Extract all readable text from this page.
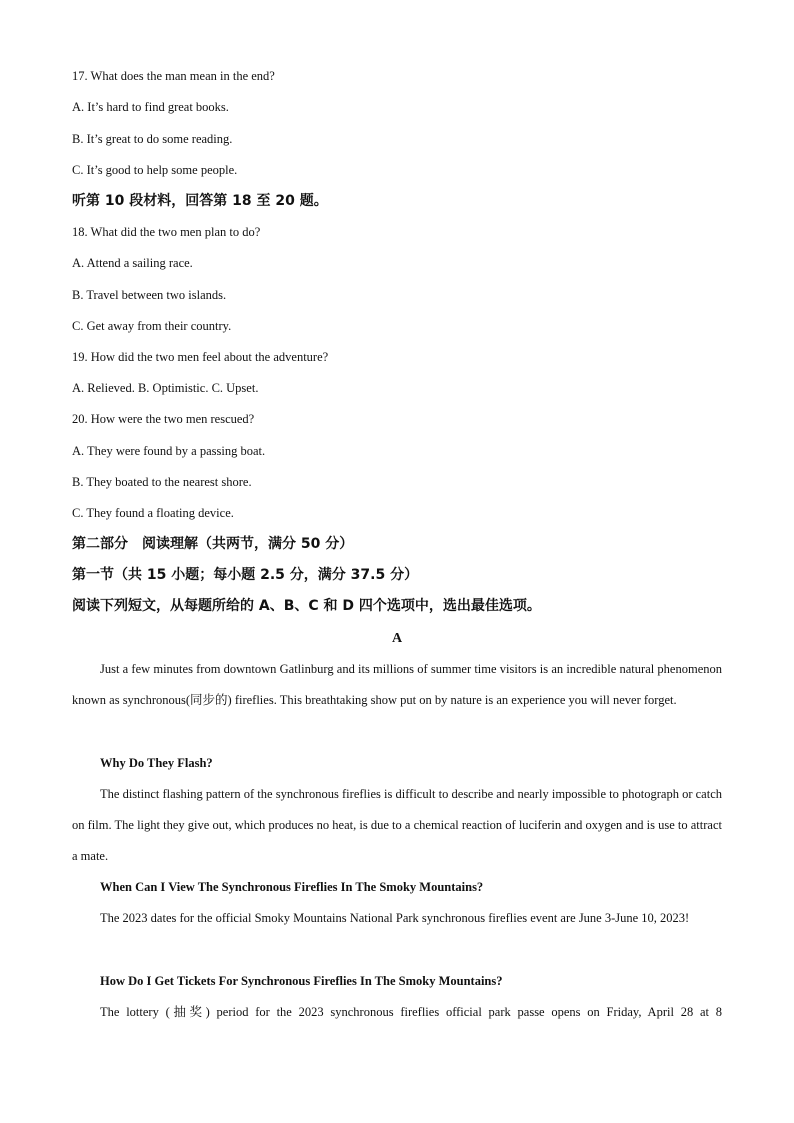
17. What does the man mean in the end?
A. It’s hard to find great books.
B. It’s great to do some reading.
C. It’s good to help some people.
听第 10 段材料，回答第 18 至 20 题。
18. What did the two men plan to do?
A. Attend a sailing race.
B. Travel between two islands.
C. Get away from their country.
19. How did the two men feel about the adventure?
A. Relieved. B. Optimistic. C. Upset.
20. How were the two men rescued?
A. They were found by a passing boat.
B. They boated to the nearest shore.
C. They found a floating device.
第二部分　阅读理解（共两节，满分 50 分）
第一节（共 15 小题；每小题 2.5 分，满分 37.5 分）
阅读下列短文，从每题所给的 A、B、C 和 D 四个选项中，选出最佳选项。
A
Just a few minutes from downtown Gatlinburg and its millions of summer time visitors is an incredible natural phenomenon known as synchronous(同步的) fireflies. This breathtaking show put on by nature is an experience you will never forget.
Why Do They Flash?
The distinct flashing pattern of the synchronous fireflies is difficult to describe and nearly impossible to photograph or catch on film. The light they give out, which produces no heat, is due to a chemical reaction of luciferin and oxygen and is use to attract a mate.
When Can I View The Synchronous Fireflies In The Smoky Mountains?
The 2023 dates for the official Smoky Mountains National Park synchronous fireflies event are June 3-June 10, 2023!
How Do I Get Tickets For Synchronous Fireflies In The Smoky Mountains?
The lottery (抽奖) period for the 2023 synchronous fireflies official park passe opens on Friday, April 28 at 8
